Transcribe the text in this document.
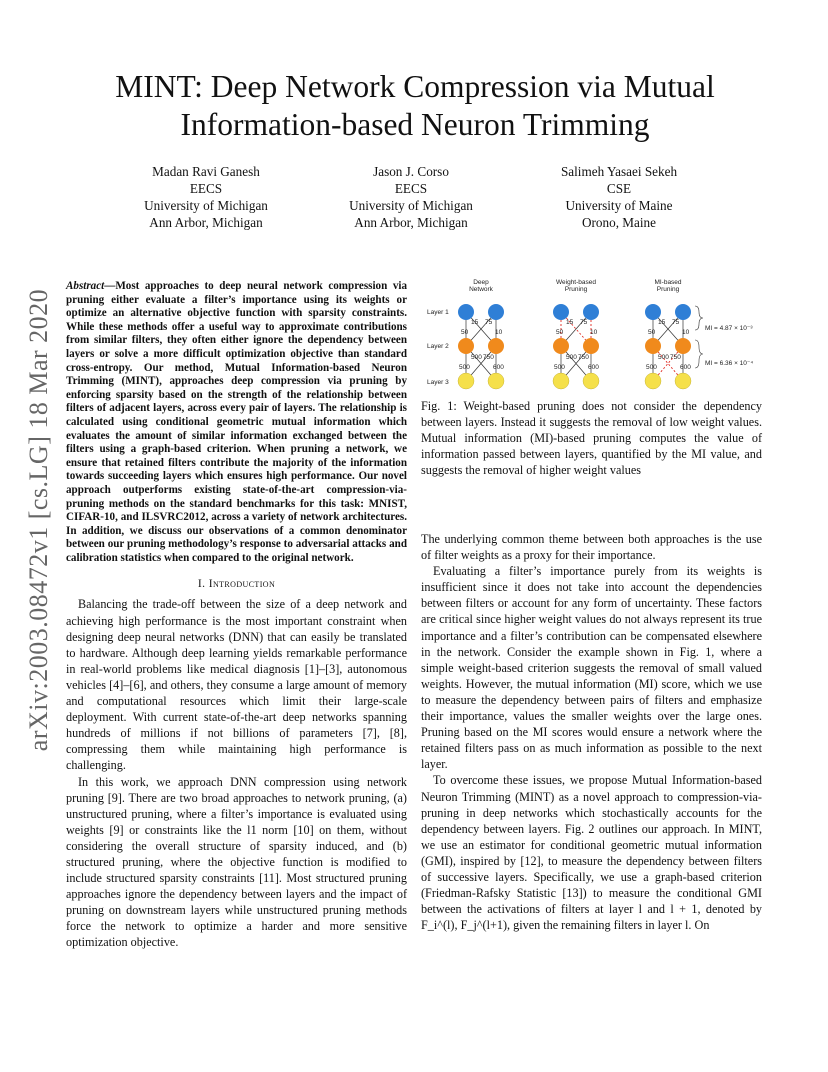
arXiv:2003.08472v1 [cs.LG] 18 Mar 2020
MINT: Deep Network Compression via Mutual Information-based Neuron Trimming
Madan Ravi Ganesh
EECS
University of Michigan
Ann Arbor, Michigan
Jason J. Corso
EECS
University of Michigan
Ann Arbor, Michigan
Salimeh Yasaei Sekeh
CSE
University of Maine
Orono, Maine

Abstract—Most approaches to deep neural network compression via pruning either evaluate a filter’s importance using its weights or optimize an alternative objective function with sparsity constraints. While these methods offer a useful way to approximate contributions from similar filters, they often either ignore the dependency between layers or solve a more difficult optimization objective than standard cross-entropy. Our method, Mutual Information-based Neuron Trimming (MINT), approaches deep compression via pruning by enforcing sparsity based on the strength of the relationship between filters of adjacent layers, across every pair of layers. The relationship is calculated using conditional geometric mutual information which evaluates the amount of similar information exchanged between the filters using a graph-based criterion. When pruning a network, we ensure that retained filters contribute the majority of the information towards succeeding layers which ensures high performance. Our novel approach outperforms existing state-of-the-art compression-via-pruning methods on the standard benchmarks for this task: MNIST, CIFAR-10, and ILSVRC2012, across a variety of network architectures. In addition, we discuss our observations of a common denominator between our pruning methodology’s response to adversarial attacks and calibration statistics when compared to the original network.

I. Introduction

Balancing the trade-off between the size of a deep network and achieving high performance is the most important constraint when designing deep neural networks (DNN) that can easily be translated to hardware. Although deep learning yields remarkable performance in real-world problems like medical diagnosis [1]–[3], autonomous vehicles [4]–[6], and others, they consume a large amount of memory and computational resources which limit their large-scale deployment. With current state-of-the-art deep networks spanning hundreds of millions if not billions of parameters [7], [8], compressing them while maintaining high performance is challenging.

In this work, we approach DNN compression using network pruning [9]. There are two broad approaches to network pruning, (a) unstructured pruning, where a filter’s importance is evaluated using weights [9] or constraints like the l1 norm [10] on them, without considering the overall structure of sparsity induced, and (b) structured pruning, where the objective function is modified to include structured sparsity constraints [11]. Most structured pruning approaches ignore the dependency between layers and the impact of pruning on downstream layers while unstructured pruning methods force the network to optimize a harder and more sensitive optimization objective.

Deep
Network
Weight-based
Pruning
MI-based
Pruning
Layer 1
Layer 2
Layer 3
50
75
15
10
500 750
500	600
50
75
15
10
500 750
500	600
50
75
15
10
500 750
500	600
MI = 4.87 × 10⁻³
MI = 6.36 × 10⁻⁴

Fig. 1: Weight-based pruning does not consider the dependency between layers. Instead it suggests the removal of low weight values. Mutual information (MI)-based pruning computes the value of information passed between layers, quantified by the MI value, and suggests the removal of higher weight values

The underlying common theme between both approaches is the use of filter weights as a proxy for their importance.

Evaluating a filter’s importance purely from its weights is insufficient since it does not take into account the dependencies between filters or account for any form of uncertainty. These factors are critical since higher weight values do not always represent its true importance and a filter’s contribution can be compensated elsewhere in the network. Consider the example shown in Fig. 1, where a simple weight-based criterion suggests the removal of small valued weights. However, the mutual information (MI) score, which we use to measure the dependency between pairs of filters and emphasize their importance, values the smaller weights over the large ones. Pruning based on the MI scores would ensure a network where the retained filters pass on as much information as possible to the next layer.

To overcome these issues, we propose Mutual Information-based Neuron Trimming (MINT) as a novel approach to compression-via-pruning in deep networks which stochastically accounts for the dependency between layers. Fig. 2 outlines our approach. In MINT, we use an estimator for conditional geometric mutual information (GMI), inspired by [12], to measure the dependency between filters of successive layers. Specifically, we use a graph-based criterion (Friedman-Rafsky Statistic [13]) to measure the conditional GMI between the activations of filters at layer l and l + 1, denoted by F_i^(l), F_j^(l+1), given the remaining filters in layer l. On
